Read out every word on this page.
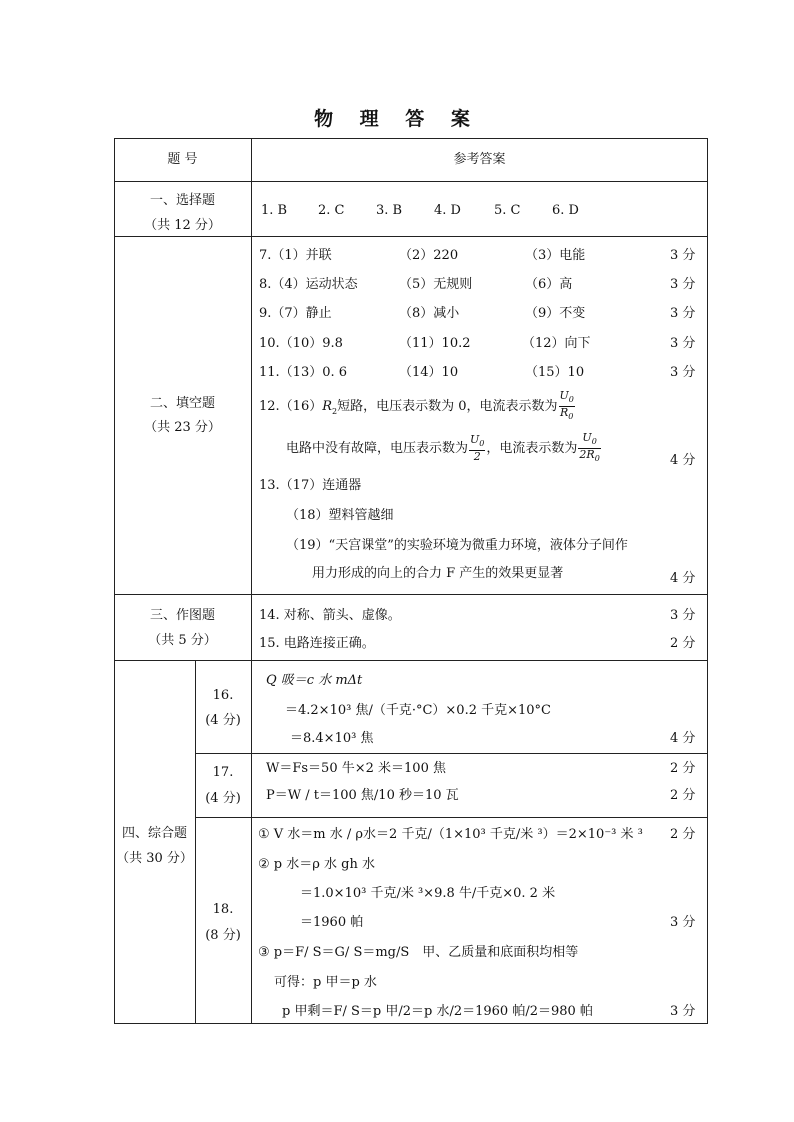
物 理 答 案
题 号	参考答案
一、选择题
（共 12 分）
1. B 2. C 3. B 4. D	5. C 6. D
二、填空题
（共 23 分）
7.（1）并联	（2）220	（3）电能	3 分
8.（4）运动状态	（5）无规则	（6）高	3 分
9.（7）静止	（8）减小	（9）不变	3 分
10.（10）9.8	（11）10.2	（12）向下	3 分
11.（13）0. 6	（14）10	（15）10	3 分
$12.(16)R_2$短路，电压表示数为 0，电流表示数为 $\frac{U_0}{R_0}$
电路中没有故障，电压表示数为 $\frac{U_0}{2}$ ，电流表示数为 $\frac{U_0}{2R_0}$	4 分
13.（17）连通器
（18）塑料管越细
（19）“天宫课堂”的实验环境为微重力环境，液体分子间作
用力形成的向上的合力 F 产生的效果更显著	4 分
三、作图题
（共 5 分）
14. 对称、箭头、虚像。	3 分
15. 电路连接正确。	2 分
四、综合题
（共 30 分）
16.
(4 分)
Q 吸＝c 水 mΔt
＝4.2×10³ 焦/（千克·°C）×0.2 千克×10°C
＝8.4×10³ 焦	4 分
17.
(4 分)
W＝Fs＝50 牛×2 米＝100 焦	2 分
P＝W / t＝100 焦/10 秒＝10 瓦	2 分
18.
(8 分)
① V 水＝m 水 / ρ水＝2 千克/（1×10³ 千克/米 ³）＝2×10⁻³ 米 ³ 2 分
② p 水＝ρ 水 gh 水
＝1.0×10³ 千克/米 ³×9.8 牛/千克×0. 2 米
＝1960 帕	3 分
③ p＝F/ S＝G/ S＝mg/S　甲、乙质量和底面积均相等
可得：p 甲＝p 水
p 甲剩＝F/ S＝p 甲/2＝p 水/2＝1960 帕/2＝980 帕	3 分
